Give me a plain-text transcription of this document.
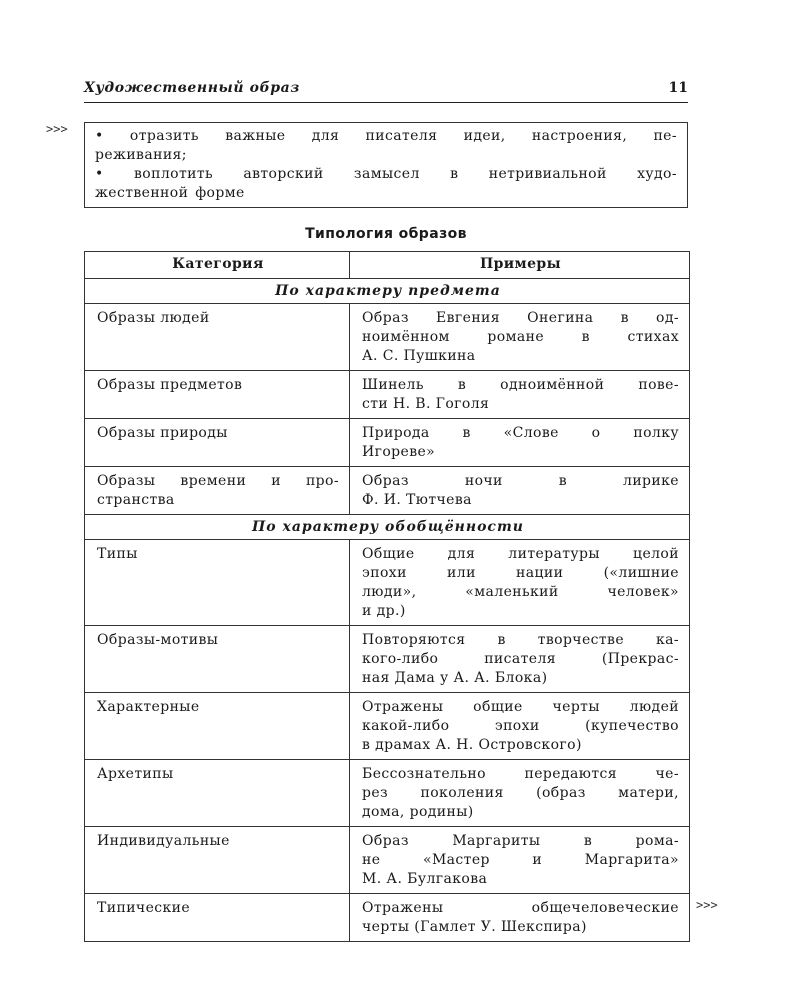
Художественный образ	11
>>> • отразить важные для писателя идеи, настроения, пе-
реживания;
• воплотить авторский замысел в нетривиальной худо-
жественной форме
Типология образов
Категория	Примеры
По характеру предмета	

Образы людей	Образ Евгения Онегина в од-
ноимённом романе в стихах
А. С. Пушкина

Образы предметов	Шинель в одноимённой пове-
сти Н. В. Гоголя

Образы природы	Природа в «Слове о полку
Игореве»

Образы времени и про-
странства	Образ ночи в лирике
Ф. И. Тютчева

По характеру обобщённости	

Типы	Общие для литературы целой
эпохи или нации («лишние
люди», «маленький человек»
и др.)

Образы-мотивы	Повторяются в творчестве ка-
кого-либо писателя (Прекрас-
ная Дама у А. А. Блока)

Характерные	Отражены общие черты людей
какой-либо эпохи (купечество
в драмах А. Н. Островского)

Архетипы	Бессознательно передаются че-
рез поколения (образ матери,
дома, родины)

Индивидуальные	Образ Маргариты в рома-
не «Мастер и Маргарита»
М. А. Булгакова

Типические	Отражены общечеловеческие
черты (Гамлет У. Шекспира)
>>>
